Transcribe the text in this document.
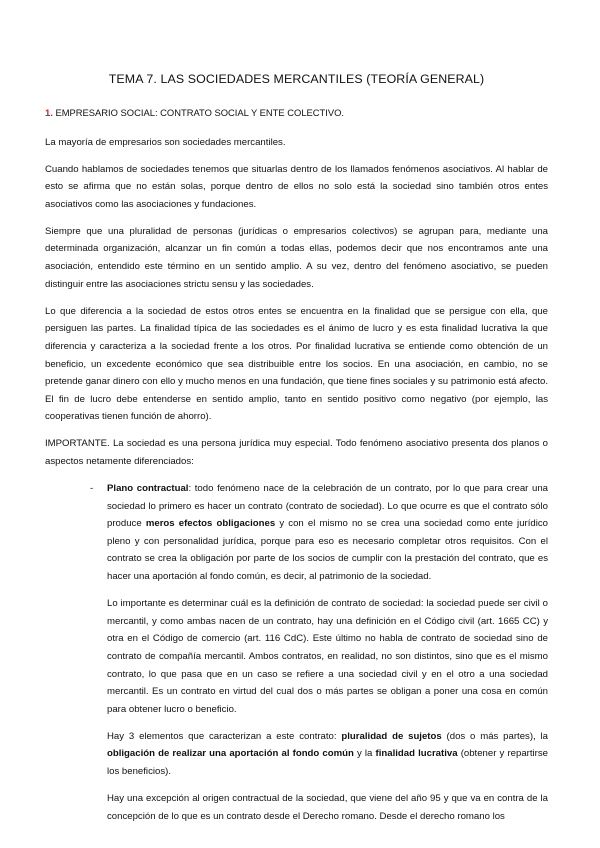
TEMA 7. LAS SOCIEDADES MERCANTILES (TEORÍA GENERAL)
1. EMPRESARIO SOCIAL: CONTRATO SOCIAL Y ENTE COLECTIVO.

La mayoría de empresarios son sociedades mercantiles.

Cuando hablamos de sociedades tenemos que situarlas dentro de los llamados fenómenos asociativos. Al hablar de esto se afirma que no están solas, porque dentro de ellos no solo está la sociedad sino también otros entes asociativos como las asociaciones y fundaciones.

Siempre que una pluralidad de personas (jurídicas o empresarios colectivos) se agrupan para, mediante una determinada organización, alcanzar un fin común a todas ellas, podemos decir que nos encontramos ante una asociación, entendido este término en un sentido amplio. A su vez, dentro del fenómeno asociativo, se pueden distinguir entre las asociaciones strictu sensu y las sociedades.

Lo que diferencia a la sociedad de estos otros entes se encuentra en la finalidad que se persigue con ella, que persiguen las partes. La finalidad típica de las sociedades es el ánimo de lucro y es esta finalidad lucrativa la que diferencia y caracteriza a la sociedad frente a los otros. Por finalidad lucrativa se entiende como obtención de un beneficio, un excedente económico que sea distribuible entre los socios. En una asociación, en cambio, no se pretende ganar dinero con ello y mucho menos en una fundación, que tiene fines sociales y su patrimonio está afecto. El fin de lucro debe entenderse en sentido amplio, tanto en sentido positivo como negativo (por ejemplo, las cooperativas tienen función de ahorro).

IMPORTANTE. La sociedad es una persona jurídica muy especial. Todo fenómeno asociativo presenta dos planos o aspectos netamente diferenciados:

-	Plano contractual: todo fenómeno nace de la celebración de un contrato, por lo que para crear una sociedad lo primero es hacer un contrato (contrato de sociedad). Lo que ocurre es que el contrato sólo produce meros efectos obligaciones y con el mismo no se crea una sociedad como ente jurídico pleno y con personalidad jurídica, porque para eso es necesario completar otros requisitos. Con el contrato se crea la obligación por parte de los socios de cumplir con la prestación del contrato, que es hacer una aportación al fondo común, es decir, al patrimonio de la sociedad.

Lo importante es determinar cuál es la definición de contrato de sociedad: la sociedad puede ser civil o mercantil, y como ambas nacen de un contrato, hay una definición en el Código civil (art. 1665 CC) y otra en el Código de comercio (art. 116 CdC). Este último no habla de contrato de sociedad sino de contrato de compañía mercantil. Ambos contratos, en realidad, no son distintos, sino que es el mismo contrato, lo que pasa que en un caso se refiere a una sociedad civil y en el otro a una sociedad mercantil. Es un contrato en virtud del cual dos o más partes se obligan a poner una cosa en común para obtener lucro o beneficio.

Hay 3 elementos que caracterizan a este contrato: pluralidad de sujetos (dos o más partes), la obligación de realizar una aportación al fondo común y la finalidad lucrativa (obtener y repartirse los beneficios).

Hay una excepción al origen contractual de la sociedad, que viene del año 95 y que va en contra de la concepción de lo que es un contrato desde el Derecho romano. Desde el derecho romano los
